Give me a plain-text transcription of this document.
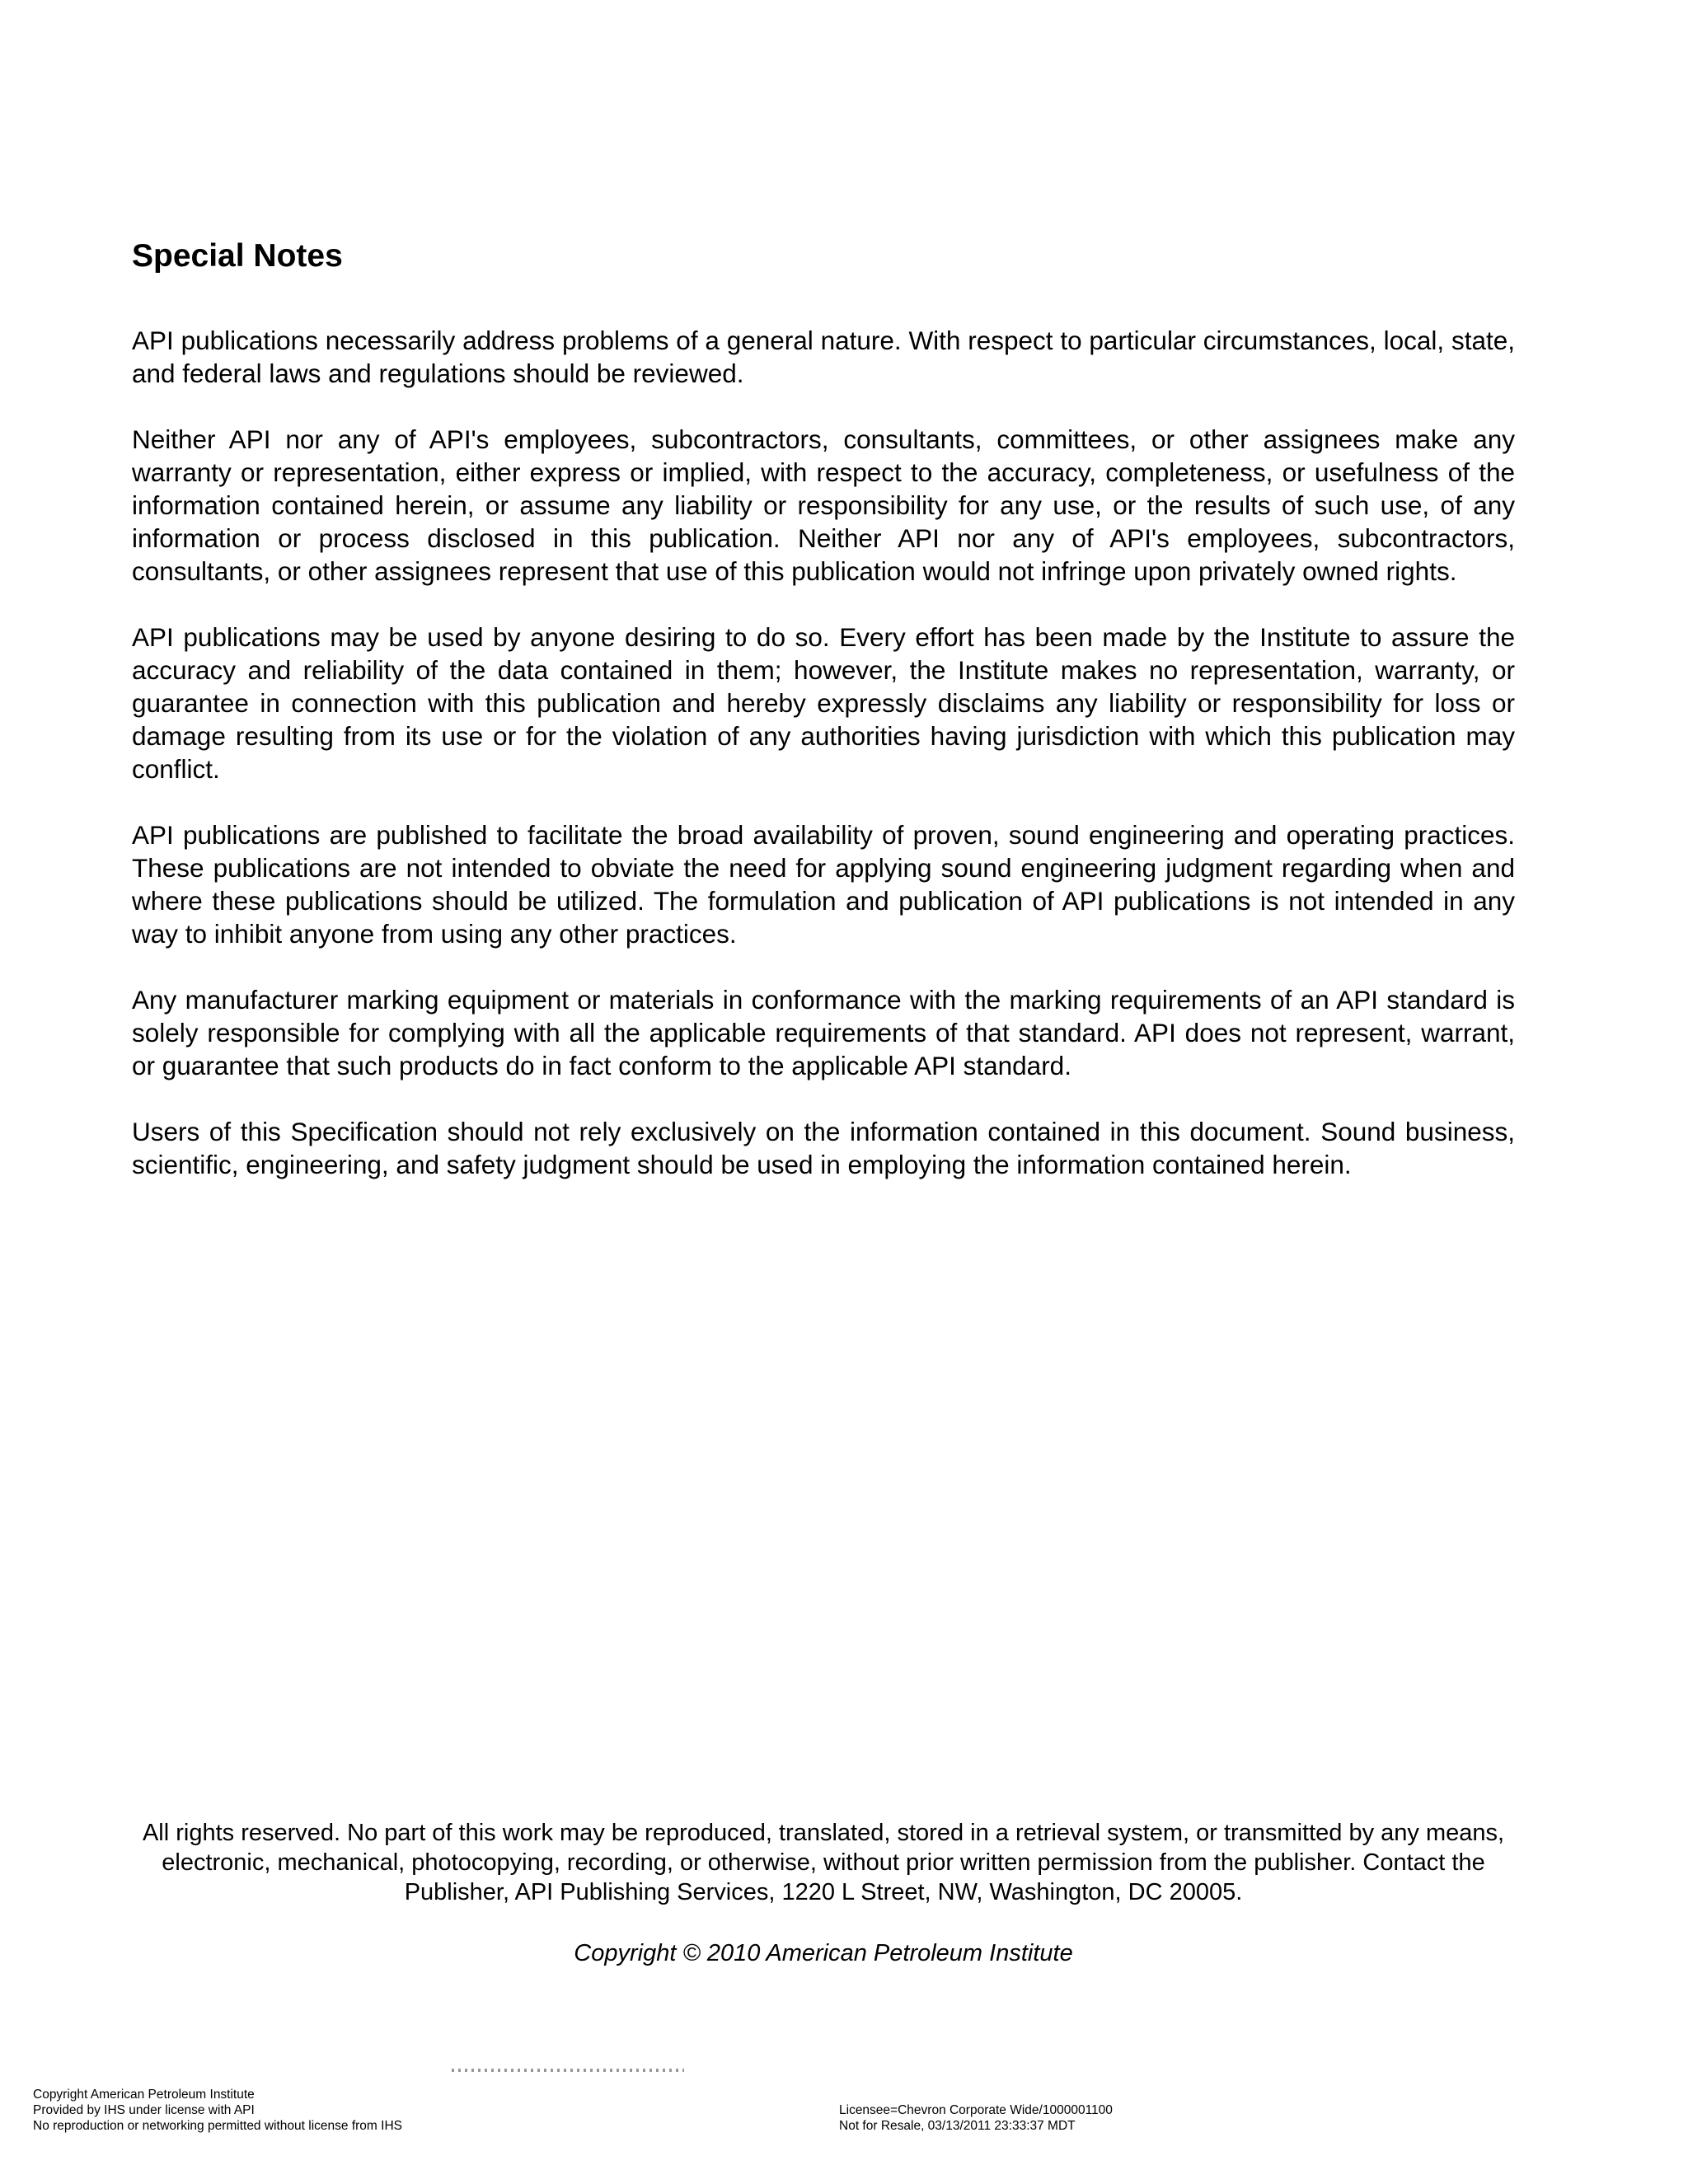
Special Notes

API publications necessarily address problems of a general nature. With respect to particular circumstances, local, state, and federal laws and regulations should be reviewed.

Neither API nor any of API's employees, subcontractors, consultants, committees, or other assignees make any warranty or representation, either express or implied, with respect to the accuracy, completeness, or usefulness of the information contained herein, or assume any liability or responsibility for any use, or the results of such use, of any information or process disclosed in this publication. Neither API nor any of API's employees, subcontractors, consultants, or other assignees represent that use of this publication would not infringe upon privately owned rights.

API publications may be used by anyone desiring to do so. Every effort has been made by the Institute to assure the accuracy and reliability of the data contained in them; however, the Institute makes no representation, warranty, or guarantee in connection with this publication and hereby expressly disclaims any liability or responsibility for loss or damage resulting from its use or for the violation of any authorities having jurisdiction with which this publication may conflict.

API publications are published to facilitate the broad availability of proven, sound engineering and operating practices. These publications are not intended to obviate the need for applying sound engineering judgment regarding when and where these publications should be utilized. The formulation and publication of API publications is not intended in any way to inhibit anyone from using any other practices.

Any manufacturer marking equipment or materials in conformance with the marking requirements of an API standard is solely responsible for complying with all the applicable requirements of that standard. API does not represent, warrant, or guarantee that such products do in fact conform to the applicable API standard.

Users of this Specification should not rely exclusively on the information contained in this document. Sound business, scientific, engineering, and safety judgment should be used in employing the information contained herein.

All rights reserved. No part of this work may be reproduced, translated, stored in a retrieval system, or transmitted by any means, electronic, mechanical, photocopying, recording, or otherwise, without prior written permission from the publisher. Contact the Publisher, API Publishing Services, 1220 L Street, NW, Washington, DC 20005.

Copyright © 2010 American Petroleum Institute
Copyright American Petroleum Institute
Provided by IHS under license with API
No reproduction or networking permitted without license from IHS
Licensee=Chevron Corporate Wide/1000001100
Not for Resale, 03/13/2011 23:33:37 MDT
